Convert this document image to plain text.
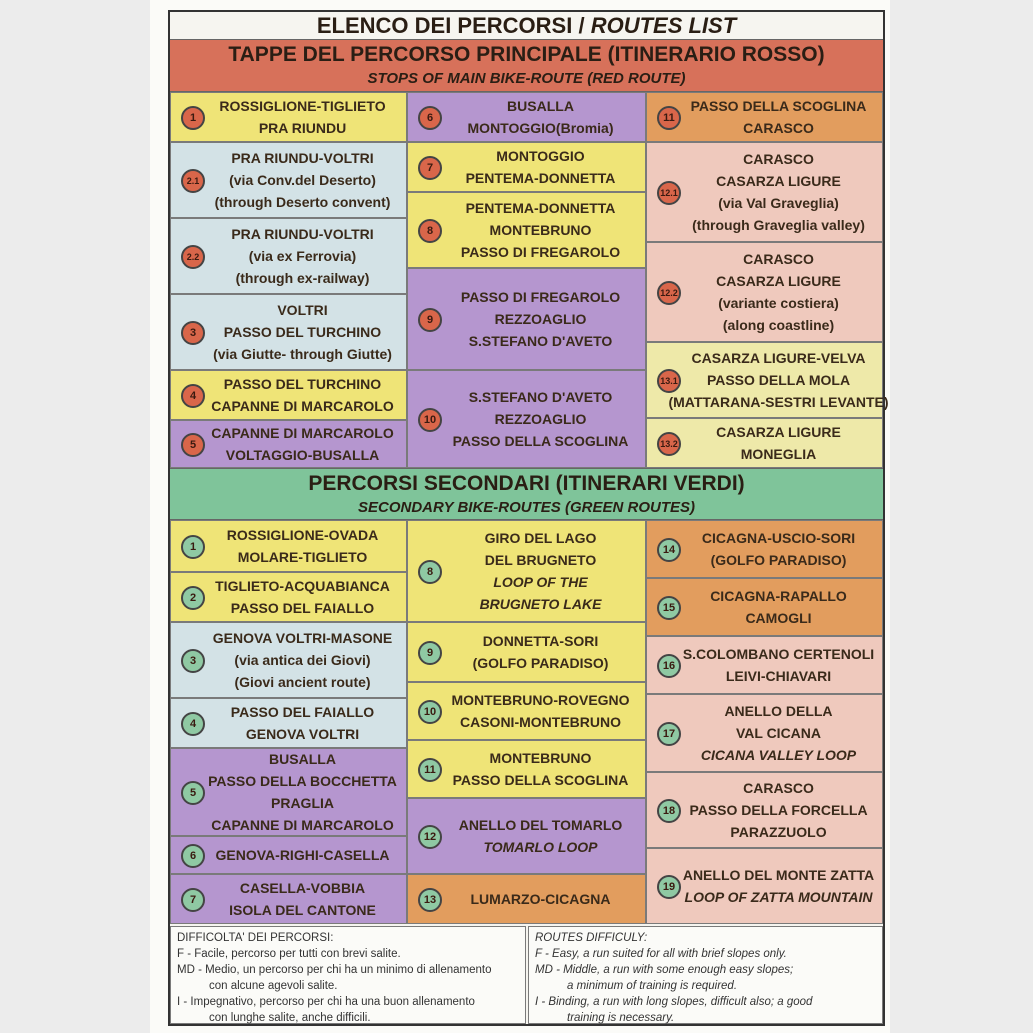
ELENCO DEI PERCORSI / ROUTES LIST
TAPPE DEL PERCORSO PRINCIPALE (ITINERARIO ROSSO)
STOPS OF MAIN BIKE-ROUTE (RED ROUTE)
PERCORSI SECONDARI (ITINERARI VERDI)
SECONDARY BIKE-ROUTES (GREEN ROUTES)
1
ROSSIGLIONE-TIGLIETO
PRA RIUNDU
2.1
PRA RIUNDU-VOLTRI
(via Conv.del Deserto)
(through Deserto convent)
2.2
PRA RIUNDU-VOLTRI
(via ex Ferrovia)
(through ex-railway)
3
VOLTRI
PASSO DEL TURCHINO
(via Giutte- through Giutte)
4
PASSO DEL TURCHINO
CAPANNE DI MARCAROLO
5
CAPANNE DI MARCAROLO
VOLTAGGIO-BUSALLA
6
BUSALLA
MONTOGGIO(Bromia)
7
MONTOGGIO
PENTEMA-DONNETTA
8
PENTEMA-DONNETTA
MONTEBRUNO
PASSO DI FREGAROLO
9
PASSO DI FREGAROLO
REZZOAGLIO
S.STEFANO D'AVETO
10
S.STEFANO D'AVETO
REZZOAGLIO
PASSO DELLA SCOGLINA
11
PASSO DELLA SCOGLINA
CARASCO
12.1
CARASCO
CASARZA LIGURE
(via Val Graveglia)
(through Graveglia valley)
12.2
CARASCO
CASARZA LIGURE
(variante costiera)
(along coastline)
13.1
CASARZA LIGURE-VELVA
PASSO DELLA MOLA
(MATTARANA-SESTRI LEVANTE)
13.2
CASARZA LIGURE
MONEGLIA
1
ROSSIGLIONE-OVADA
MOLARE-TIGLIETO
2
TIGLIETO-ACQUABIANCA
PASSO DEL FAIALLO
3
GENOVA VOLTRI-MASONE
(via antica dei Giovi)
(Giovi ancient route)
4
PASSO DEL FAIALLO
GENOVA VOLTRI
5
BUSALLA
PASSO DELLA BOCCHETTA
PRAGLIA
CAPANNE DI MARCAROLO
6	GENOVA-RIGHI-CASELLA
7
CASELLA-VOBBIA
ISOLA DEL CANTONE
8
GIRO DEL LAGO
DEL BRUGNETO
LOOP OF THE
BRUGNETO LAKE
9
DONNETTA-SORI
(GOLFO PARADISO)
10
MONTEBRUNO-ROVEGNO
CASONI-MONTEBRUNO
11
MONTEBRUNO
PASSO DELLA SCOGLINA
12
ANELLO DEL TOMARLO
TOMARLO LOOP
13	LUMARZO-CICAGNA
14
CICAGNA-USCIO-SORI
(GOLFO PARADISO)
15
CICAGNA-RAPALLO
CAMOGLI
16
S.COLOMBANO CERTENOLI
LEIVI-CHIAVARI
17
ANELLO DELLA
VAL CICANA
CICANA VALLEY LOOP
18
CARASCO
PASSO DELLA FORCELLA
PARAZZUOLO
19
ANELLO DEL MONTE ZATTA
LOOP OF ZATTA MOUNTAIN
DIFFICOLTA' DEI PERCORSI:
F - Facile, percorso per tutti con brevi salite.
MD - Medio, un percorso per chi ha un minimo di allenamento
con alcune agevoli salite.
I - Impegnativo, percorso per chi ha una buon allenamento
con lunghe salite, anche difficili.
ROUTES DIFFICULY:
F - Easy, a run suited for all with brief slopes only.
MD - Middle, a run with some enough easy slopes;
a minimum of training is required.
I - Binding, a run with long slopes, difficult also; a good
training is necessary.
